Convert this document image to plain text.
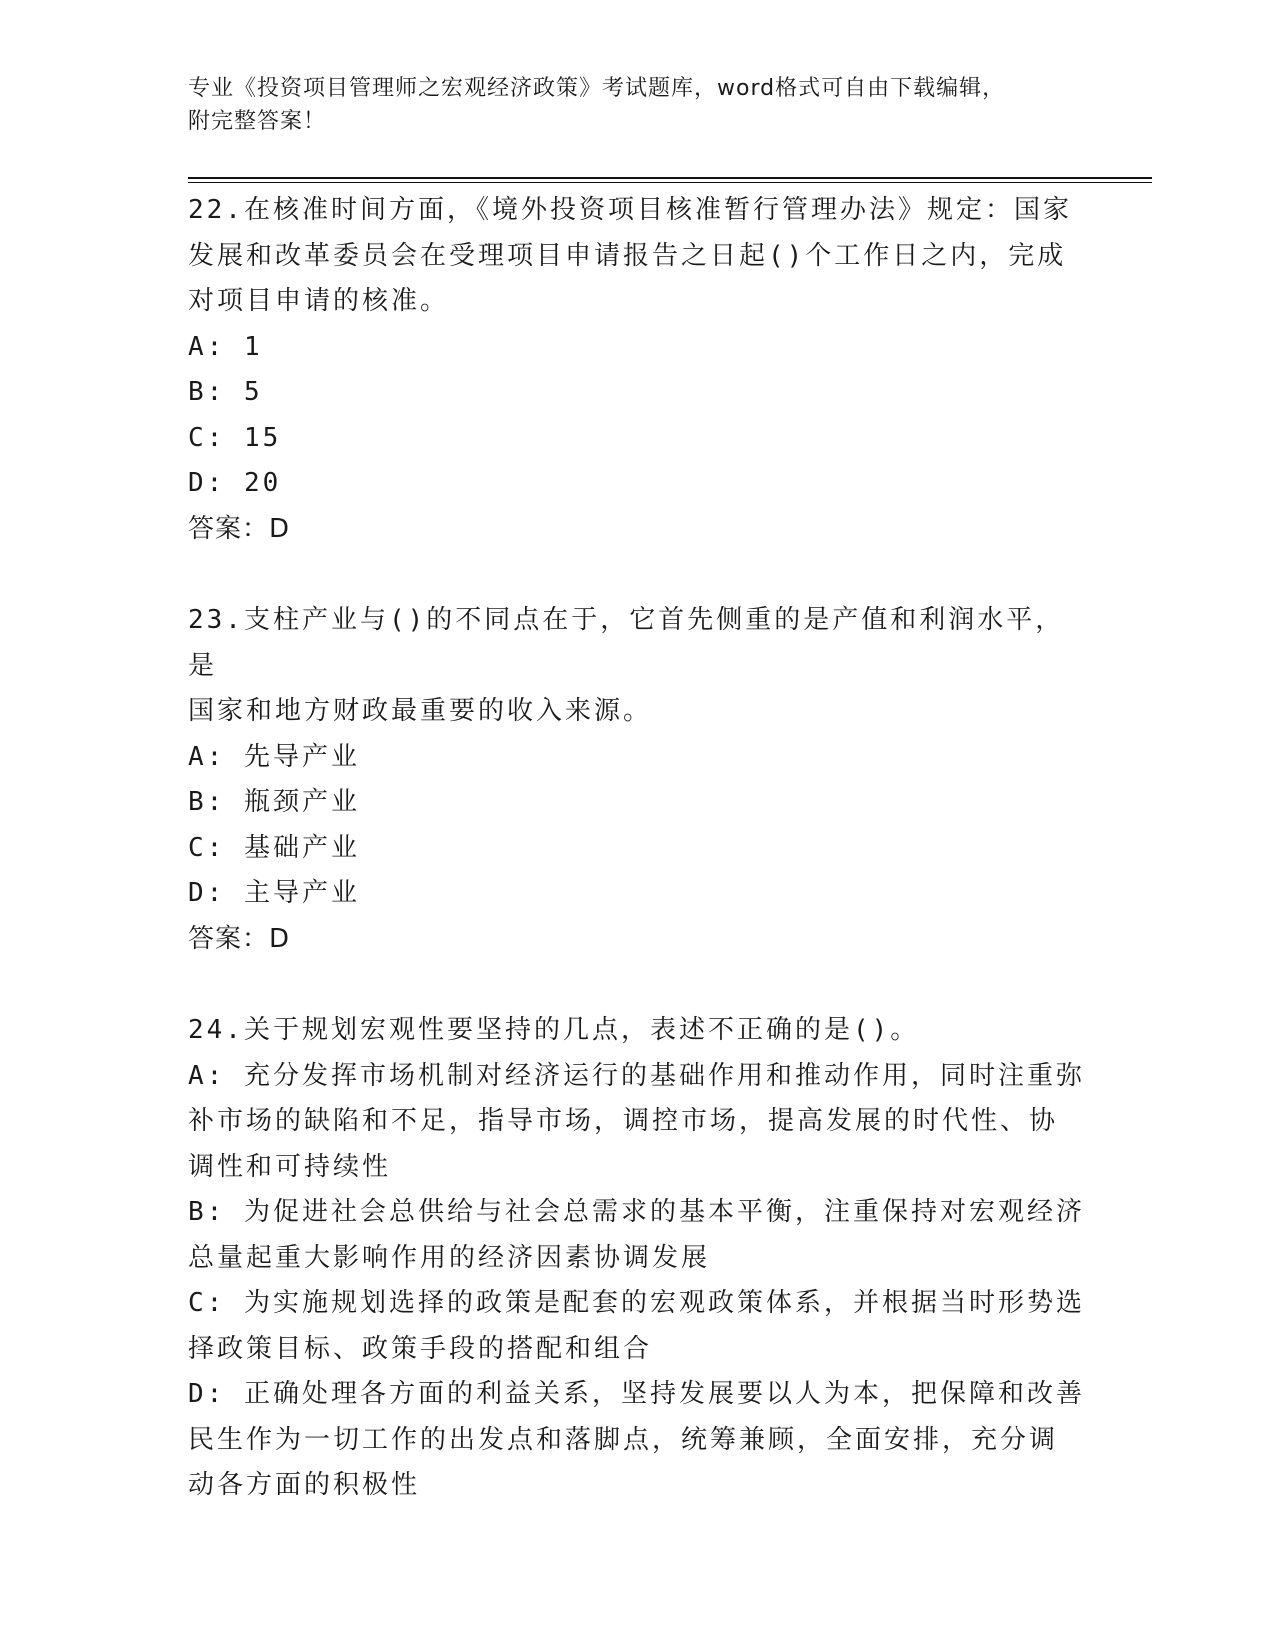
专业《投资项目管理师之宏观经济政策》考试题库，word格式可自由下载编辑，
附完整答案！

22.在核准时间方面，《境外投资项目核准暂行管理办法》规定：国家

发展和改革委员会在受理项目申请报告之日起()个工作日之内，完成

对项目申请的核准。

A: 1

B: 5

C: 15

D: 20

答案：D

23.支柱产业与()的不同点在于，它首先侧重的是产值和利润水平，是

国家和地方财政最重要的收入来源。

A: 先导产业

B: 瓶颈产业

C: 基础产业

D: 主导产业

答案：D

24.关于规划宏观性要坚持的几点，表述不正确的是()。

A: 充分发挥市场机制对经济运行的基础作用和推动作用，同时注重弥

补市场的缺陷和不足，指导市场，调控市场，提高发展的时代性、协

调性和可持续性

B: 为促进社会总供给与社会总需求的基本平衡，注重保持对宏观经济

总量起重大影响作用的经济因素协调发展

C: 为实施规划选择的政策是配套的宏观政策体系，并根据当时形势选

择政策目标、政策手段的搭配和组合

D: 正确处理各方面的利益关系，坚持发展要以人为本，把保障和改善

民生作为一切工作的出发点和落脚点，统筹兼顾，全面安排，充分调

动各方面的积极性
